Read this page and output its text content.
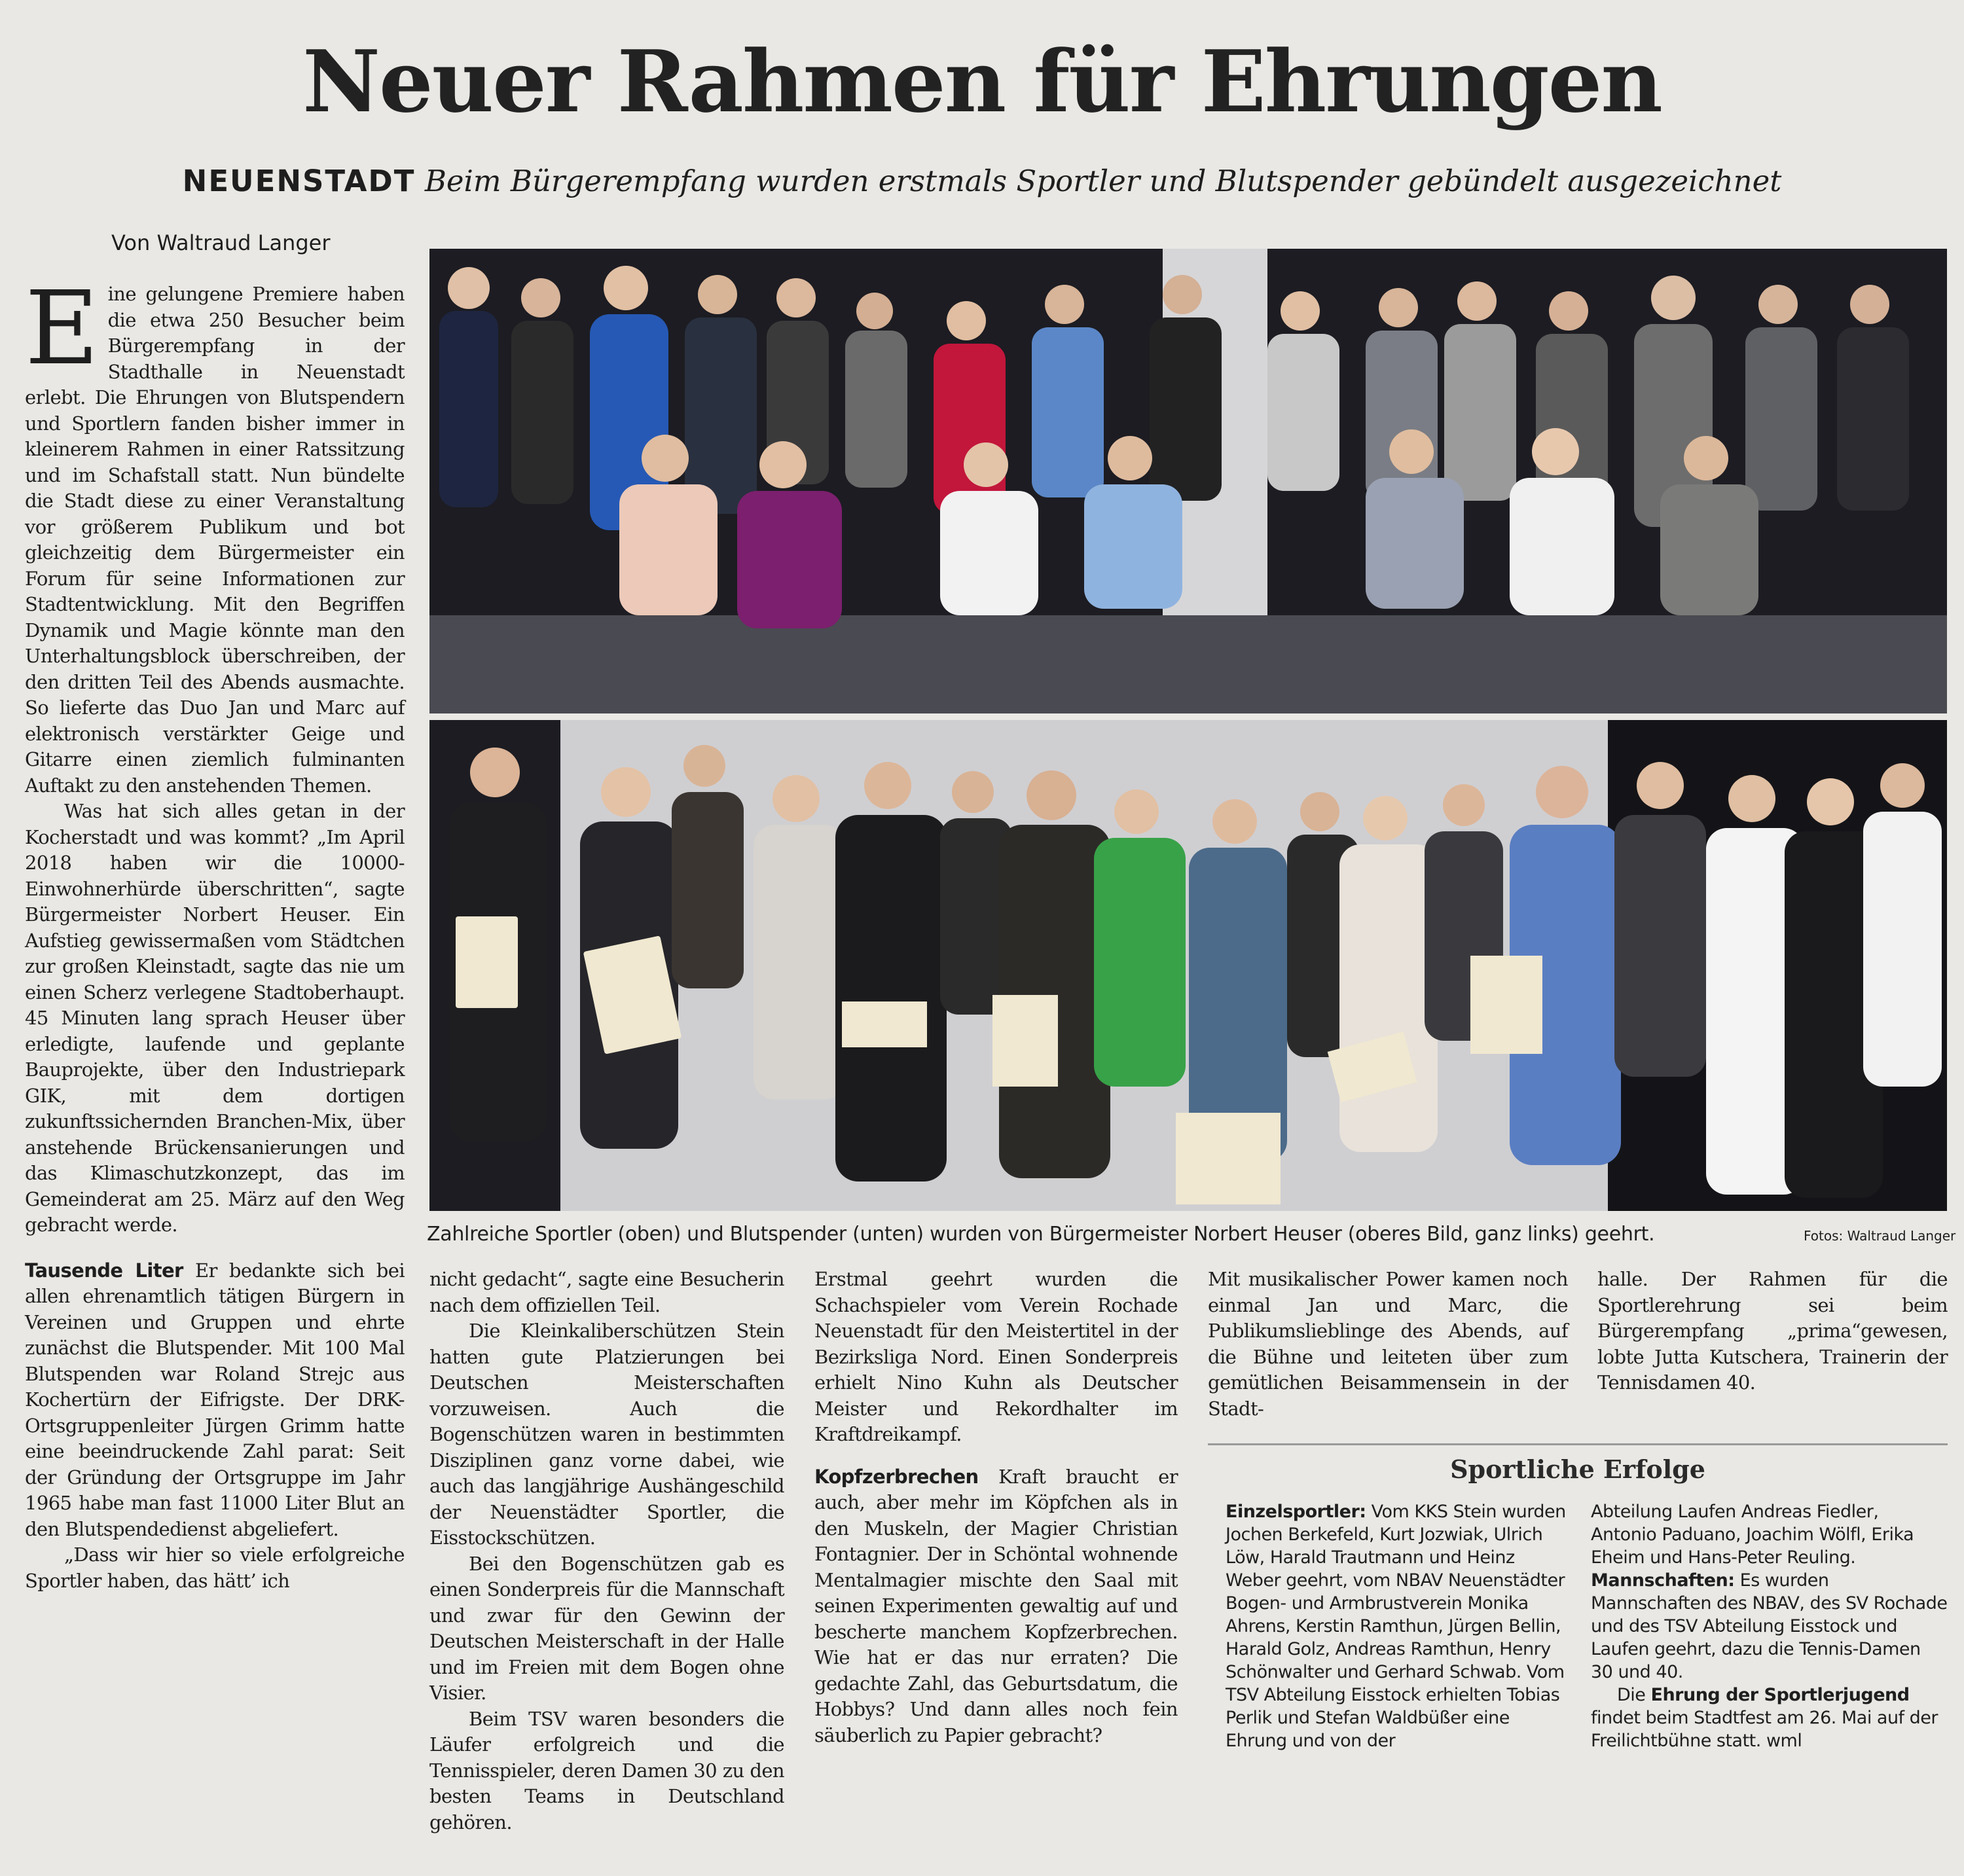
Neuer Rahmen für Ehrungen
NEUENSTADT Beim Bürgerempfang wurden erstmals Sportler und Blutspender gebündelt ausgezeichnet
Von Waltraud Langer

Eine gelungene Premiere haben die etwa 250 Besucher beim Bürgerempfang in der Stadthalle in Neuenstadt erlebt. Die Ehrungen von Blutspendern und Sportlern fanden bisher immer in kleinerem Rahmen in einer Ratssitzung und im Schafstall statt. Nun bündelte die Stadt diese zu einer Veranstaltung vor größerem Publikum und bot gleichzeitig dem Bürgermeister ein Forum für seine Informationen zur Stadtentwicklung. Mit den Begriffen Dynamik und Magie könnte man den Unterhaltungsblock überschreiben, der den dritten Teil des Abends ausmachte. So lieferte das Duo Jan und Marc auf elektronisch verstärkter Geige und Gitarre einen ziemlich fulminanten Auftakt zu den anstehenden Themen.

Was hat sich alles getan in der Kocherstadt und was kommt? „Im April 2018 haben wir die 10000-Einwohnerhürde überschritten“, sagte Bürgermeister Norbert Heuser. Ein Aufstieg gewissermaßen vom Städtchen zur großen Kleinstadt, sagte das nie um einen Scherz verlegene Stadtoberhaupt. 45 Minuten lang sprach Heuser über erledigte, laufende und geplante Bauprojekte, über den Industriepark GIK, mit dem dortigen zukunftssichernden Branchen-Mix, über anstehende Brückensanierungen und das Klimaschutzkonzept, das im Gemeinderat am 25. März auf den Weg gebracht werde.

Tausende Liter Er bedankte sich bei allen ehrenamtlich tätigen Bürgern in Vereinen und Gruppen und ehrte zunächst die Blutspender. Mit 100 Mal Blutspenden war Roland Strejc aus Kochertürn der Eifrigste. Der DRK-Ortsgruppenleiter Jürgen Grimm hatte eine beeindruckende Zahl parat: Seit der Gründung der Ortsgruppe im Jahr 1965 habe man fast 11000 Liter Blut an den Blutspendedienst abgeliefert.

„Dass wir hier so viele erfolgreiche Sportler haben, das hätt’ ich

Zahlreiche Sportler (oben) und Blutspender (unten) wurden von Bürgermeister Norbert Heuser (oberes Bild, ganz links) geehrt.	Fotos: Waltraud Langer

nicht gedacht“, sagte eine Besucherin nach dem offiziellen Teil.

Die Kleinkaliberschützen Stein hatten gute Platzierungen bei Deutschen Meisterschaften vorzuweisen. Auch die Bogenschützen waren in bestimmten Disziplinen ganz vorne dabei, wie auch das langjährige Aushängeschild der Neuenstädter Sportler, die Eisstockschützen.

Bei den Bogenschützen gab es einen Sonderpreis für die Mannschaft und zwar für den Gewinn der Deutschen Meisterschaft in der Halle und im Freien mit dem Bogen ohne Visier.

Beim TSV waren besonders die Läufer erfolgreich und die Tennisspieler, deren Damen 30 zu den besten Teams in Deutschland gehören.

Erstmal geehrt wurden die Schachspieler vom Verein Rochade Neuenstadt für den Meistertitel in der Bezirksliga Nord. Einen Sonderpreis erhielt Nino Kuhn als Deutscher Meister und Rekordhalter im Kraftdreikampf.

Kopfzerbrechen Kraft braucht er auch, aber mehr im Köpfchen als in den Muskeln, der Magier Christian Fontagnier. Der in Schöntal wohnende Mentalmagier mischte den Saal mit seinen Experimenten gewaltig auf und bescherte manchem Kopfzerbrechen. Wie hat er das nur erraten? Die gedachte Zahl, das Geburtsdatum, die Hobbys? Und dann alles noch fein säuberlich zu Papier gebracht?

Mit musikalischer Power kamen noch einmal Jan und Marc, die Publikumslieblinge des Abends, auf die Bühne und leiteten über zum gemütlichen Beisammensein in der Stadt-

halle. Der Rahmen für die Sportlerehrung sei beim Bürgerempfang „prima“gewesen, lobte Jutta Kutschera, Trainerin der Tennisdamen 40.

Sportliche Erfolge

Einzelsportler: Vom KKS Stein wurden Jochen Berkefeld, Kurt Jozwiak, Ulrich Löw, Harald Trautmann und Heinz Weber geehrt, vom NBAV Neuenstädter Bogen- und Armbrustverein Monika Ahrens, Kerstin Ramthun, Jürgen Bellin, Harald Golz, Andreas Ramthun, Henry Schönwalter und Gerhard Schwab. Vom TSV Abteilung Eisstock erhielten Tobias Perlik und Stefan Waldbüßer eine Ehrung und von der

Abteilung Laufen Andreas Fiedler, Antonio Paduano, Joachim Wölfl, Erika Eheim und Hans-Peter Reuling.

Mannschaften: Es wurden Mannschaften des NBAV, des SV Rochade und des TSV Abteilung Eisstock und Laufen geehrt, dazu die Tennis-Damen 30 und 40.

Die Ehrung der Sportlerjugend findet beim Stadtfest am 26. Mai auf der Freilichtbühne statt. wml
